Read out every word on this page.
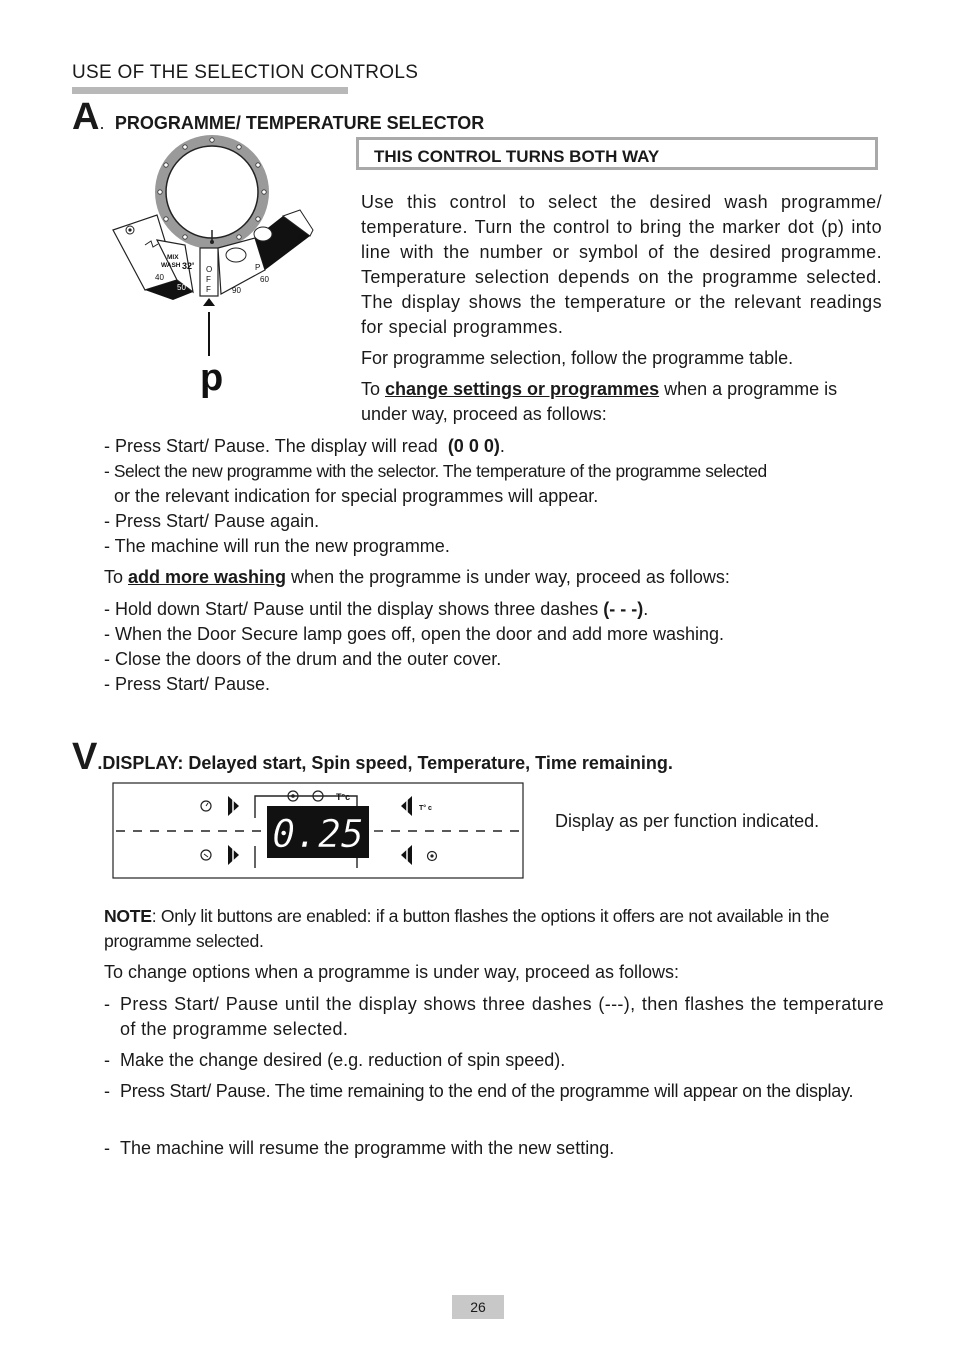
USE OF THE SELECTION CONTROLS
A. PROGRAMME/ TEMPERATURE SELECTOR
MIX
WASH 32'
40
50
O
F
F	90
P
60
60
40
p
THIS CONTROL TURNS BOTH WAY
Use this control to select the desired wash programme/ temperature. Turn the control to bring the marker dot (p) into line with the number or symbol of the desired programme. Temperature selection depends on the programme selected. The display shows the temperature or the relevant readings for special programmes.
For programme selection, follow the programme table.
To change settings or programmes when a programme is under way, proceed as follows:
- Press Start/ Pause. The display will read  (0 0 0).
- Select the new programme with the selector. The temperature of the programme selected
or the relevant indication for special programmes will appear.
- Press Start/ Pause again.
- The machine will run the new programme.
To add more washing when the programme is under way, proceed as follows:
- Hold down Start/ Pause until the display shows three dashes (- - -).
- When the Door Secure lamp goes off, open the door and add more washing.
- Close the doors of the drum and the outer cover.
- Press Start/ Pause.
V.DISPLAY: Delayed start, Spin speed, Temperature, Time remaining.
T° c
T°c
0.25	Display as per function indicated.
NOTE: Only lit buttons are enabled: if a button flashes the options it offers are not available in the programme selected.
To change options when a programme is under way, proceed as follows:
- Press Start/ Pause until the display shows three dashes (---), then flashes the temperature of the programme selected.
- Make the change desired (e.g. reduction of spin speed).
- Press Start/ Pause. The time remaining to the end of the programme will appear on the display.
- The machine will resume the programme with the new setting.
26
